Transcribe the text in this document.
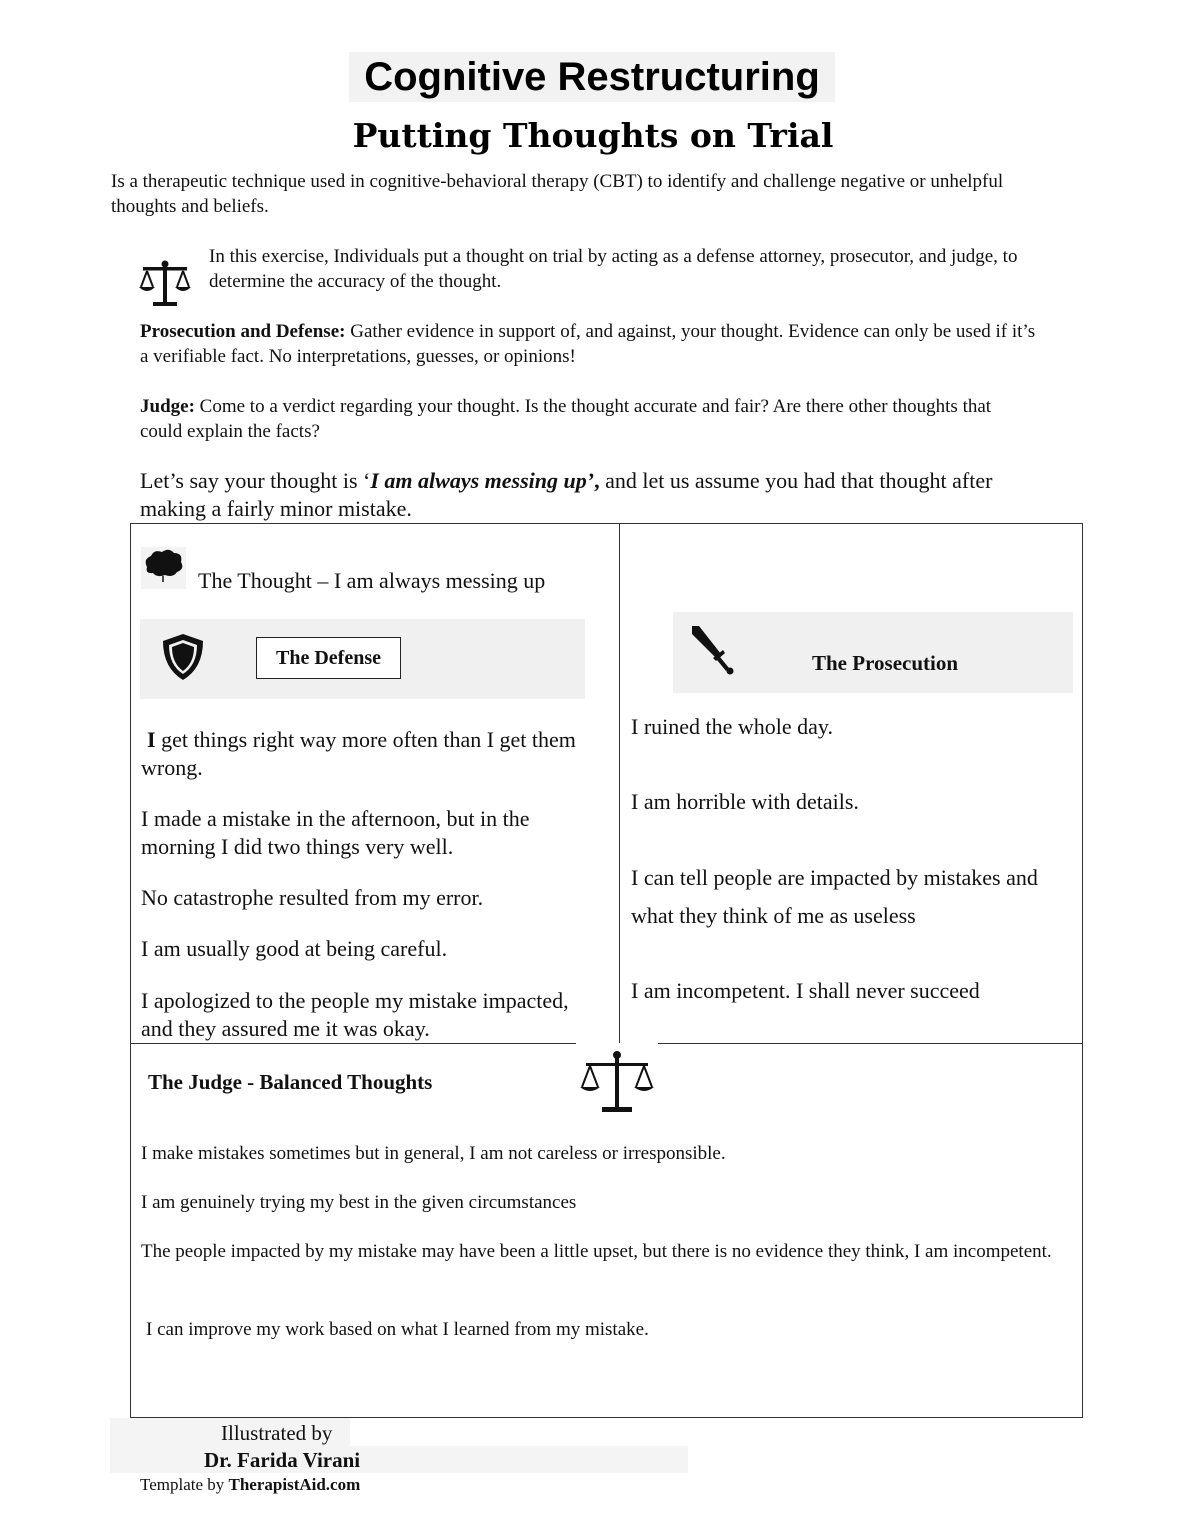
Cognitive Restructuring
Putting Thoughts on Trial
Is a therapeutic technique used in cognitive-behavioral therapy (CBT) to identify and challenge negative or unhelpful thoughts and beliefs.
In this exercise, Individuals put a thought on trial by acting as a defense attorney, prosecutor, and judge, to determine the accuracy of the thought.
Prosecution and Defense: Gather evidence in support of, and against, your thought. Evidence can only be used if it’s a verifiable fact. No interpretations, guesses, or opinions!
Judge: Come to a verdict regarding your thought. Is the thought accurate and fair? Are there other thoughts that could explain the facts?
Let’s say your thought is ‘I am always messing up’, and let us assume you had that thought after making a fairly minor mistake.
The Thought – I am always messing up
The Defense
I get things right way more often than I get them wrong.
I made a mistake in the afternoon, but in the morning I did two things very well.
No catastrophe resulted from my error.
I am usually good at being careful.
I apologized to the people my mistake impacted, and they assured me it was okay.
The Prosecution
I ruined the whole day.
I am horrible with details.
I can tell people are impacted by mistakes and what they think of me as useless
I am incompetent. I shall never succeed
The Judge - Balanced Thoughts
I make mistakes sometimes but in general, I am not careless or irresponsible.
I am genuinely trying my best in the given circumstances
The people impacted by my mistake may have been a little upset, but there is no evidence they think, I am incompetent.
I can improve my work based on what I learned from my mistake.
Illustrated by
Dr. Farida Virani
Template by TherapistAid.com
